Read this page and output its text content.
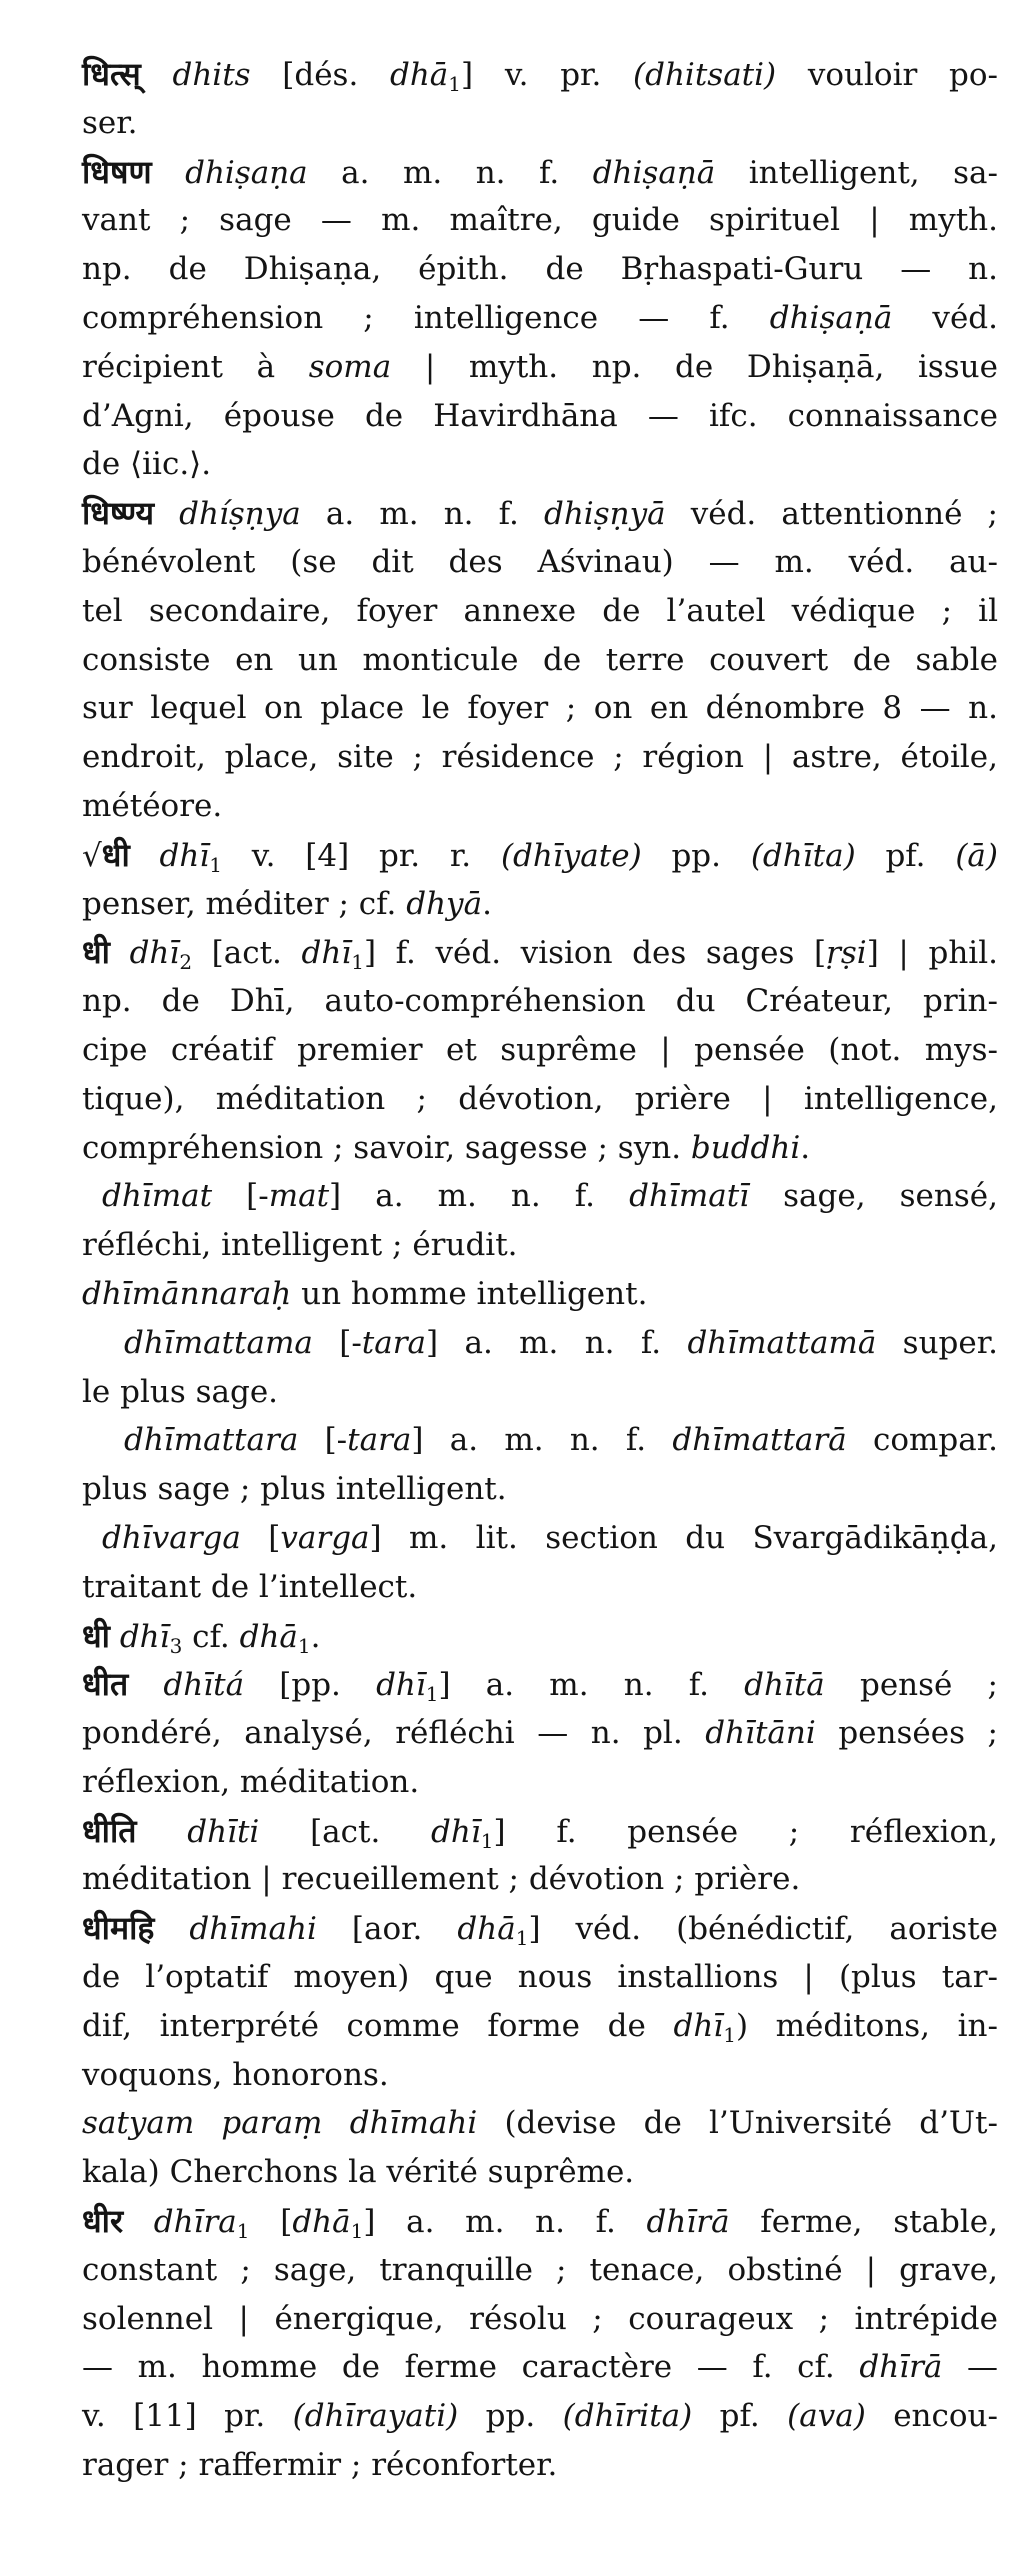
धित्स् dhits [dés. dhā$_1$] v. pr. (dhitsati) vouloir po-
ser.
धिषण dhiṣaṇa a. m. n. f. dhiṣaṇā intelligent, sa-
vant ; sage — m. maître, guide spirituel | myth.
np. de Dhiṣaṇa, épith. de Bṛhaspati-Guru — n.
compréhension ; intelligence — f. dhiṣaṇā véd.
récipient à soma | myth. np. de Dhiṣaṇā, issue
d’Agni, épouse de Havirdhāna — ifc. connaissance
de ⟨iic.⟩.
धिष्ण्य dhíṣṇya a. m. n. f. dhiṣṇyā véd. attentionné ;
bénévolent (se dit des Aśvinau) — m. véd. au-
tel secondaire, foyer annexe de l’autel védique ; il
consiste en un monticule de terre couvert de sable
sur lequel on place le foyer ; on en dénombre 8 — n.
endroit, place, site ; résidence ; région | astre, étoile,
météore.
√धी dhī$_1$ v. [4] pr. r. (dhīyate) pp. (dhīta) pf. (ā)
penser, méditer ; cf. dhyā.
धी dhī$_2$ [act. dhī$_1$] f. véd. vision des sages [ṛṣi] | phil.
np. de Dhī, auto-compréhension du Créateur, prin-
cipe créatif premier et suprême | pensée (not. mys-
tique), méditation ; dévotion, prière | intelligence,
compréhension ; savoir, sagesse ; syn. buddhi.
dhīmat [-mat] a. m. n. f. dhīmatī sage, sensé,
réfléchi, intelligent ; érudit.
dhīmānnaraḥ un homme intelligent.
dhīmattama [-tara] a. m. n. f. dhīmattamā super.
le plus sage.
dhīmattara [-tara] a. m. n. f. dhīmattarā compar.
plus sage ; plus intelligent.
dhīvarga [varga] m. lit. section du Svargādikāṇḍa,
traitant de l’intellect.
धी dhī$_3$ cf. dhā$_1$.
धीत dhītá [pp. dhī$_1$] a. m. n. f. dhītā pensé ;
pondéré, analysé, réfléchi — n. pl. dhītāni pensées ;
réflexion, méditation.
धीति dhīti [act. dhī$_1$] f. pensée ; réflexion,
méditation | recueillement ; dévotion ; prière.
धीमहि dhīmahi [aor. dhā$_1$] véd. (bénédictif, aoriste
de l’optatif moyen) que nous installions | (plus tar-
dif, interprété comme forme de dhī$_1$) méditons, in-
voquons, honorons.
satyam paraṃ dhīmahi (devise de l’Université d’Ut-
kala) Cherchons la vérité suprême.
धीर dhīra$_1$ [dhā$_1$] a. m. n. f. dhīrā ferme, stable,
constant ; sage, tranquille ; tenace, obstiné | grave,
solennel | énergique, résolu ; courageux ; intrépide
— m. homme de ferme caractère — f. cf. dhīrā —
v. [11] pr. (dhīrayati) pp. (dhīrita) pf. (ava) encou-
rager ; raffermir ; réconforter.
